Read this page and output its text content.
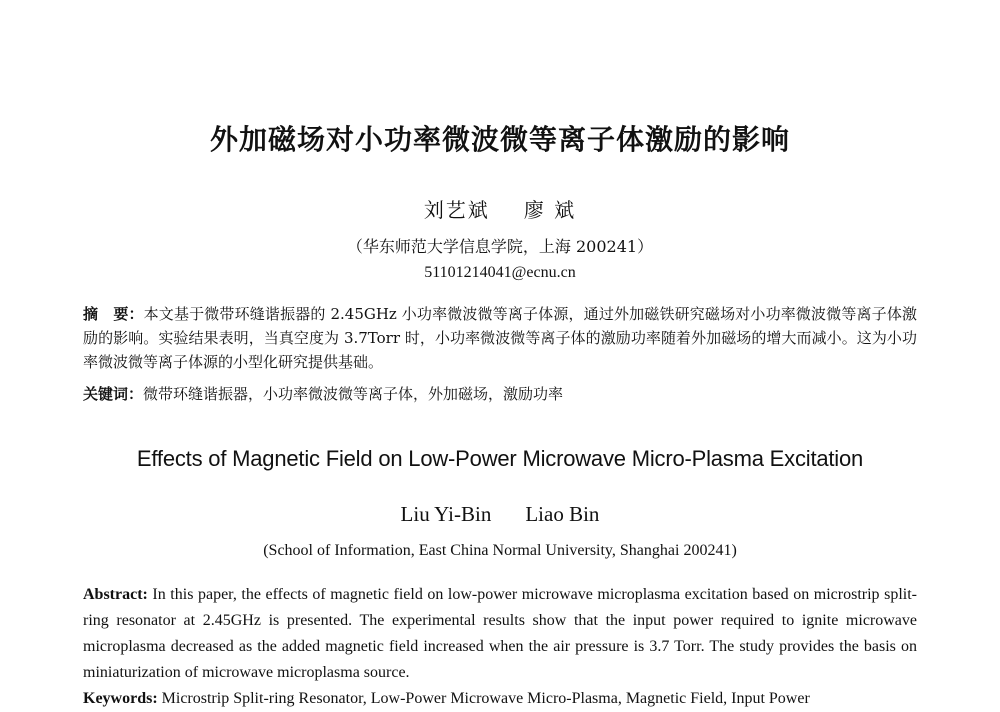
外加磁场对小功率微波微等离子体激励的影响
刘艺斌 廖 斌
（华东师范大学信息学院，上海 200241）
51101214041@ecnu.cn
摘　要：本文基于微带环缝谐振器的 2.45GHz 小功率微波微等离子体源，通过外加磁铁研究磁场对小功率微波微等离子体激励的影响。实验结果表明，当真空度为 3.7Torr 时，小功率微波微等离子体的激励功率随着外加磁场的增大而减小。这为小功率微波微等离子体源的小型化研究提供基础。
关键词：微带环缝谐振器，小功率微波微等离子体，外加磁场，激励功率
Effects of Magnetic Field on Low-Power Microwave Micro-Plasma Excitation
Liu Yi-Bin Liao Bin
(School of Information, East China Normal University, Shanghai 200241)
Abstract: In this paper, the effects of magnetic field on low-power microwave microplasma excitation based on microstrip split-ring resonator at 2.45GHz is presented. The experimental results show that the input power required to ignite microwave microplasma decreased as the added magnetic field increased when the air pressure is 3.7 Torr. The study provides the basis on miniaturization of microwave microplasma source.
Keywords: Microstrip Split-ring Resonator, Low-Power Microwave Micro-Plasma, Magnetic Field, Input Power
